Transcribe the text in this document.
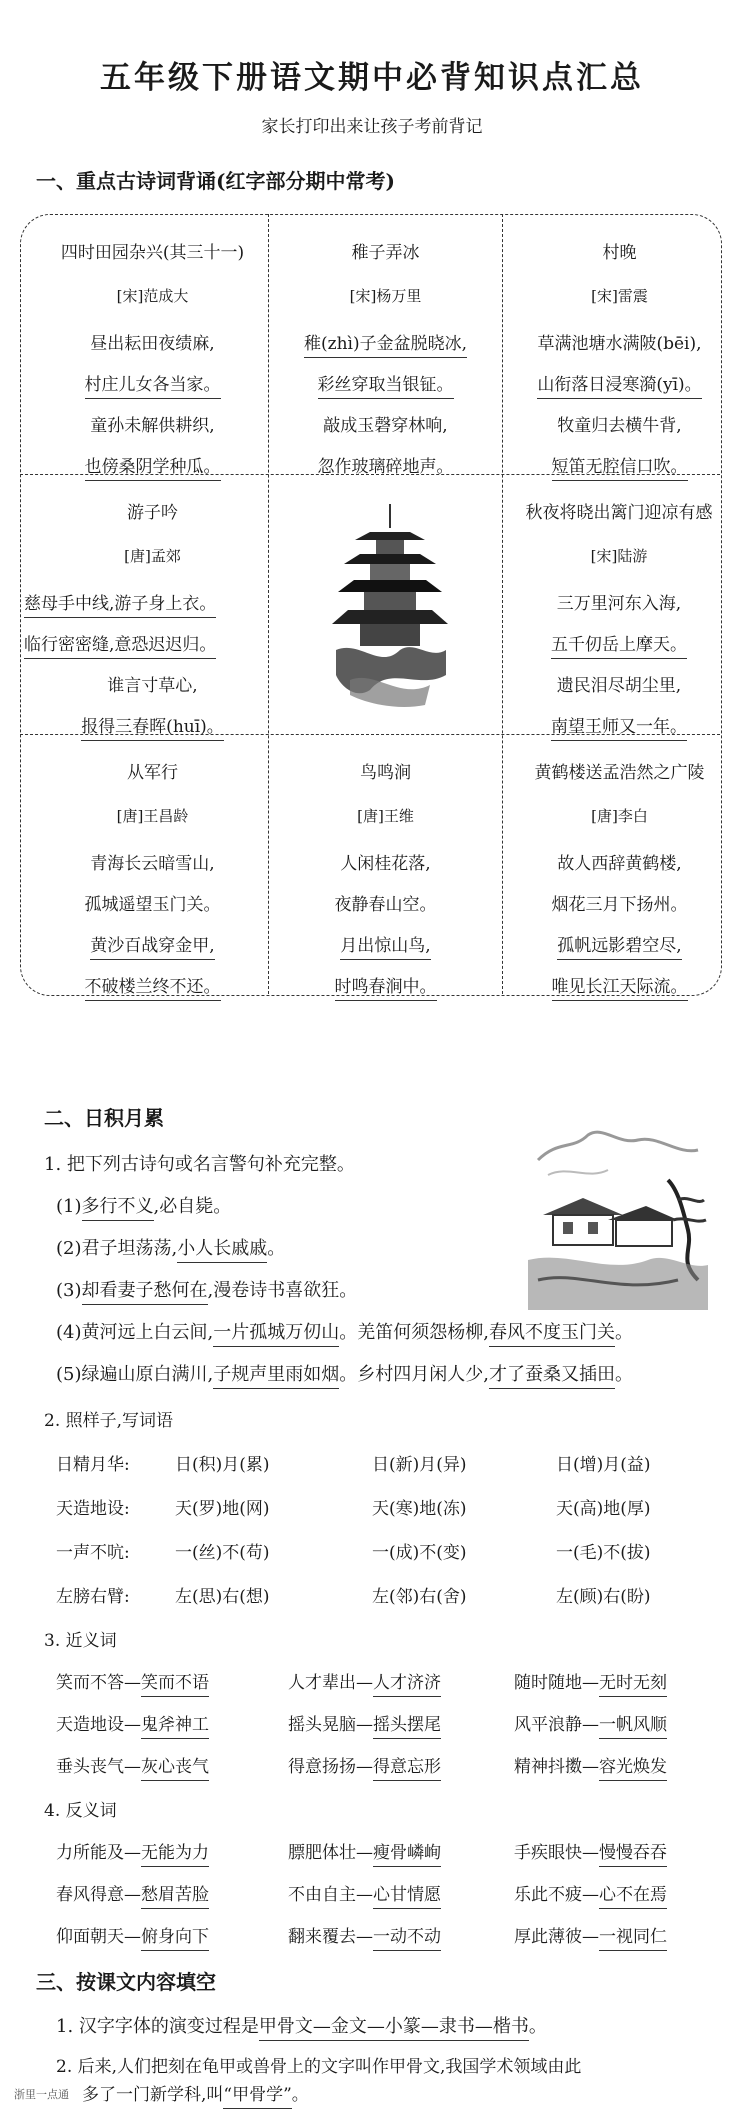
五年级下册语文期中必背知识点汇总
家长打印出来让孩子考前背记
一、重点古诗词背诵(红字部分期中常考)
四时田园杂兴(其三十一)
[宋]范成大
昼出耘田夜绩麻,
村庄儿女各当家。
童孙未解供耕织,
也傍桑阴学种瓜。
稚子弄冰
[宋]杨万里
稚(zhì)子金盆脱晓冰,
彩丝穿取当银钲。
敲成玉磬穿林响,
忽作玻璃碎地声。
村晚
[宋]雷震
草满池塘水满陂(bēi),
山衔落日浸寒漪(yī)。
牧童归去横牛背,
短笛无腔信口吹。
游子吟
[唐]孟郊
慈母手中线,游子身上衣。
临行密密缝,意恐迟迟归。
谁言寸草心,
报得三春晖(huī)。
秋夜将晓出篱门迎凉有感
[宋]陆游
三万里河东入海,
五千仞岳上摩天。
遗民泪尽胡尘里,
南望王师又一年。
从军行
[唐]王昌龄
青海长云暗雪山,
孤城遥望玉门关。
黄沙百战穿金甲,
不破楼兰终不还。
鸟鸣涧
[唐]王维
人闲桂花落,
夜静春山空。
月出惊山鸟,
时鸣春涧中。
黄鹤楼送孟浩然之广陵
[唐]李白
故人西辞黄鹤楼,
烟花三月下扬州。
孤帆远影碧空尽,
唯见长江天际流。
二、日积月累
1. 把下列古诗句或名言警句补充完整。
(1)多行不义,必自毙。
(2)君子坦荡荡,小人长戚戚。
(3)却看妻子愁何在,漫卷诗书喜欲狂。
(4)黄河远上白云间,一片孤城万仞山。羌笛何须怨杨柳,春风不度玉门关。
(5)绿遍山原白满川,子规声里雨如烟。乡村四月闲人少,才了蚕桑又插田。
2. 照样子,写词语
日精月华:	日(积)月(累)	日(新)月(异)	日(增)月(益)
天造地设:	天(罗)地(网)	天(寒)地(冻)	天(高)地(厚)
一声不吭:	一(丝)不(苟)	一(成)不(变)	一(毛)不(拔)
左膀右臂:	左(思)右(想)	左(邻)右(舍)	左(顾)右(盼)
3. 近义词
笑而不答—笑而不语	人才辈出—人才济济	随时随地—无时无刻
天造地设—鬼斧神工	摇头晃脑—摇头摆尾	风平浪静—一帆风顺
垂头丧气—灰心丧气	得意扬扬—得意忘形	精神抖擞—容光焕发
4. 反义词
力所能及—无能为力	膘肥体壮—瘦骨嶙峋	手疾眼快—慢慢吞吞
春风得意—愁眉苦脸	不由自主—心甘情愿	乐此不疲—心不在焉
仰面朝天—俯身向下	翻来覆去—一动不动	厚此薄彼—一视同仁
三、按课文内容填空
1. 汉字字体的演变过程是甲骨文—金文—小篆—隶书—楷书。
2. 后来,人们把刻在龟甲或兽骨上的文字叫作甲骨文,我国学术领域由此
多了一门新学科,叫“甲骨学”。
浙里一点通
